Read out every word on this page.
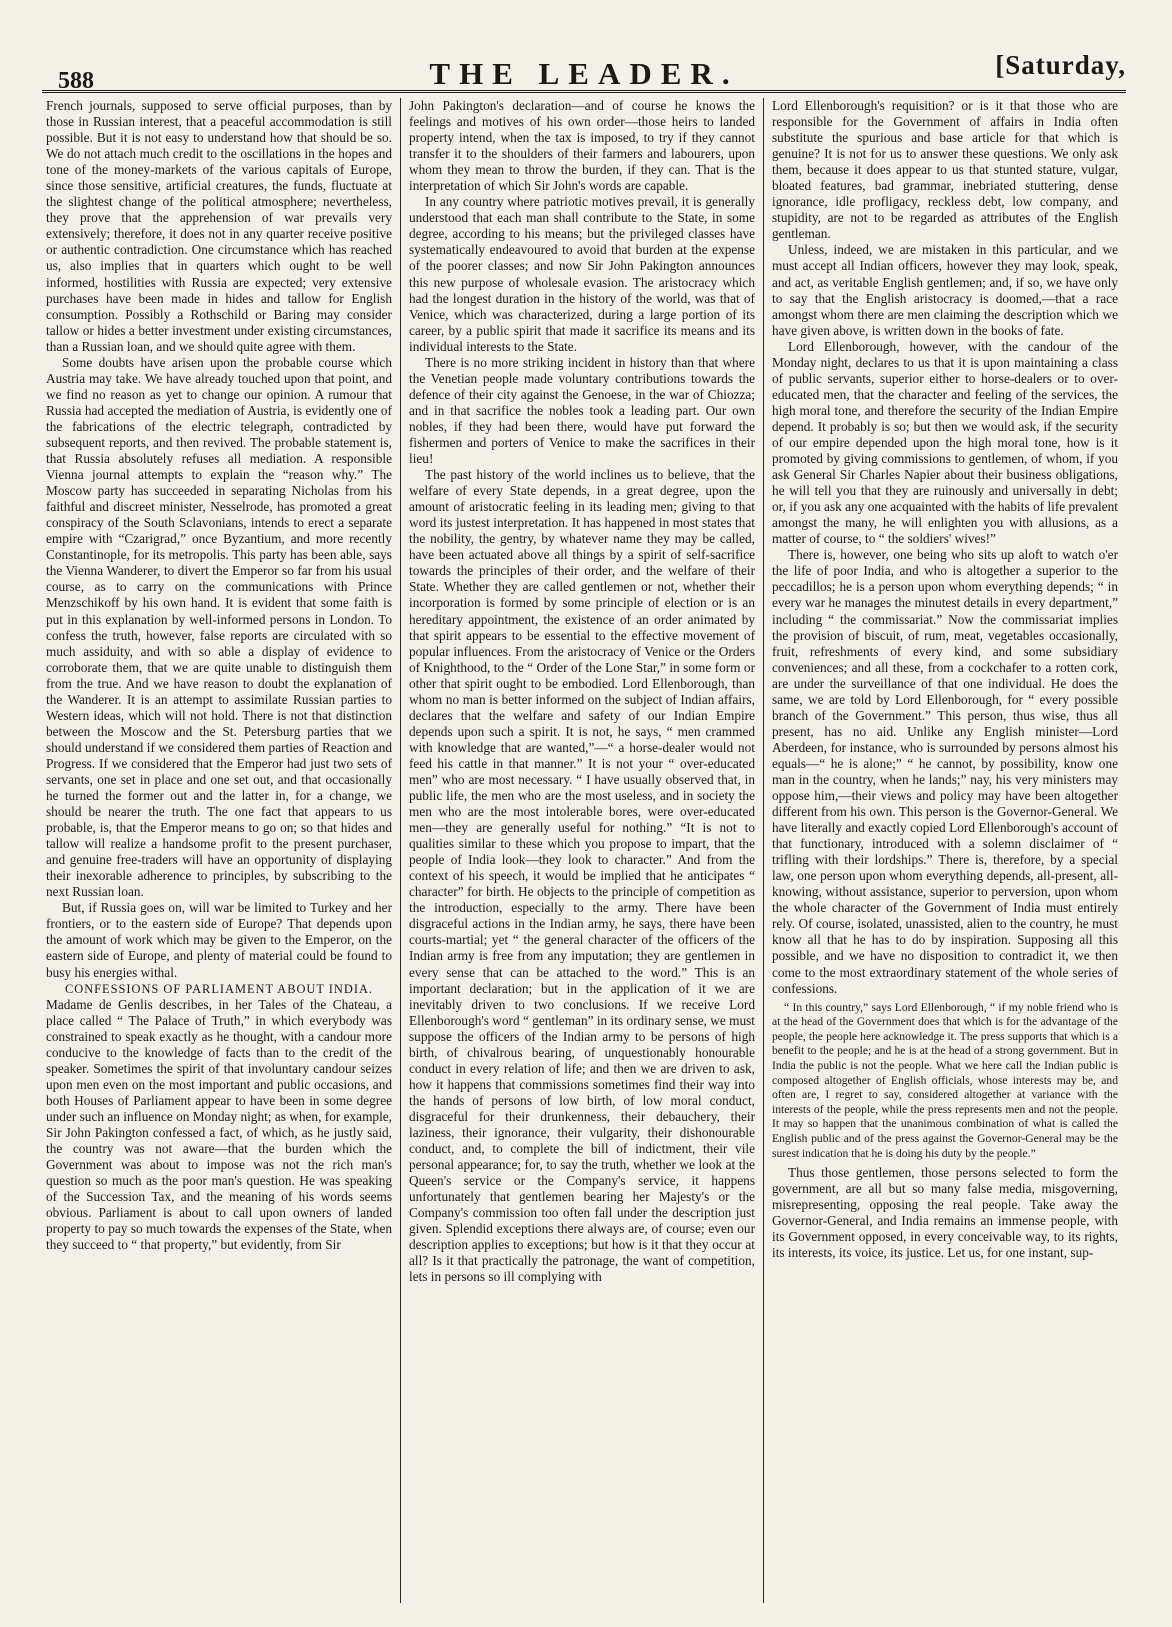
588	THE LEADER.	[Saturday,

French journals, supposed to serve official purposes, than by those in Russian interest, that a peaceful accommodation is still possible. But it is not easy to understand how that should be so. We do not attach much credit to the oscillations in the hopes and tone of the money-markets of the various capitals of Europe, since those sensitive, artificial creatures, the funds, fluctuate at the slightest change of the political atmosphere; nevertheless, they prove that the apprehension of war prevails very extensively; therefore, it does not in any quarter receive positive or authentic contradiction. One circumstance which has reached us, also implies that in quarters which ought to be well informed, hostilities with Russia are expected; very extensive purchases have been made in hides and tallow for English consumption. Possibly a Rothschild or Baring may consider tallow or hides a better investment under existing circumstances, than a Russian loan, and we should quite agree with them.

Some doubts have arisen upon the probable course which Austria may take. We have already touched upon that point, and we find no reason as yet to change our opinion. A rumour that Russia had accepted the mediation of Austria, is evidently one of the fabrications of the electric telegraph, contradicted by subsequent reports, and then revived. The probable statement is, that Russia absolutely refuses all mediation. A responsible Vienna journal attempts to explain the “reason why.” The Moscow party has succeeded in separating Nicholas from his faithful and discreet minister, Nesselrode, has promoted a great conspiracy of the South Sclavonians, intends to erect a separate empire with “Czarigrad,” once Byzantium, and more recently Constantinople, for its metropolis. This party has been able, says the Vienna Wanderer, to divert the Emperor so far from his usual course, as to carry on the communications with Prince Menzschikoff by his own hand. It is evident that some faith is put in this explanation by well-informed persons in London. To confess the truth, however, false reports are circulated with so much assiduity, and with so able a display of evidence to corroborate them, that we are quite unable to distinguish them from the true. And we have reason to doubt the explanation of the Wanderer. It is an attempt to assimilate Russian parties to Western ideas, which will not hold. There is not that distinction between the Moscow and the St. Petersburg parties that we should understand if we considered them parties of Reaction and Progress. If we considered that the Emperor had just two sets of servants, one set in place and one set out, and that occasionally he turned the former out and the latter in, for a change, we should be nearer the truth. The one fact that appears to us probable, is, that the Emperor means to go on; so that hides and tallow will realize a handsome profit to the present purchaser, and genuine free-traders will have an opportunity of displaying their inexorable adherence to principles, by subscribing to the next Russian loan.

But, if Russia goes on, will war be limited to Turkey and her frontiers, or to the eastern side of Europe? That depends upon the amount of work which may be given to the Emperor, on the eastern side of Europe, and plenty of material could be found to busy his energies withal.

CONFESSIONS OF PARLIAMENT ABOUT INDIA.

Madame de Genlis describes, in her Tales of the Chateau, a place called “ The Palace of Truth,” in which everybody was constrained to speak exactly as he thought, with a candour more conducive to the knowledge of facts than to the credit of the speaker. Sometimes the spirit of that involuntary candour seizes upon men even on the most important and public occasions, and both Houses of Parliament appear to have been in some degree under such an influence on Monday night; as when, for example, Sir John Pakington confessed a fact, of which, as he justly said, the country was not aware—that the burden which the Government was about to impose was not the rich man's question so much as the poor man's question. He was speaking of the Succession Tax, and the meaning of his words seems obvious. Parliament is about to call upon owners of landed property to pay so much towards the expenses of the State, when they succeed to “ that property,” but evidently, from Sir

John Pakington's declaration—and of course he knows the feelings and motives of his own order—those heirs to landed property intend, when the tax is imposed, to try if they cannot transfer it to the shoulders of their farmers and labourers, upon whom they mean to throw the burden, if they can. That is the interpretation of which Sir John's words are capable.

In any country where patriotic motives prevail, it is generally understood that each man shall contribute to the State, in some degree, according to his means; but the privileged classes have systematically endeavoured to avoid that burden at the expense of the poorer classes; and now Sir John Pakington announces this new purpose of wholesale evasion. The aristocracy which had the longest duration in the history of the world, was that of Venice, which was characterized, during a large portion of its career, by a public spirit that made it sacrifice its means and its individual interests to the State.

There is no more striking incident in history than that where the Venetian people made voluntary contributions towards the defence of their city against the Genoese, in the war of Chiozza; and in that sacrifice the nobles took a leading part. Our own nobles, if they had been there, would have put forward the fishermen and porters of Venice to make the sacrifices in their lieu!

The past history of the world inclines us to believe, that the welfare of every State depends, in a great degree, upon the amount of aristocratic feeling in its leading men; giving to that word its justest interpretation. It has happened in most states that the nobility, the gentry, by whatever name they may be called, have been actuated above all things by a spirit of self-sacrifice towards the principles of their order, and the welfare of their State. Whether they are called gentlemen or not, whether their incorporation is formed by some principle of election or is an hereditary appointment, the existence of an order animated by that spirit appears to be essential to the effective movement of popular influences. From the aristocracy of Venice or the Orders of Knighthood, to the “ Order of the Lone Star,” in some form or other that spirit ought to be embodied. Lord Ellenborough, than whom no man is better informed on the subject of Indian affairs, declares that the welfare and safety of our Indian Empire depends upon such a spirit. It is not, he says, “ men crammed with knowledge that are wanted,”—“ a horse-dealer would not feed his cattle in that manner.” It is not your “ over-educated men” who are most necessary. “ I have usually observed that, in public life, the men who are the most useless, and in society the men who are the most intolerable bores, were over-educated men—they are generally useful for nothing.” “It is not to qualities similar to these which you propose to impart, that the people of India look—they look to character.” And from the context of his speech, it would be implied that he anticipates “ character” for birth. He objects to the principle of competition as the introduction, especially to the army. There have been disgraceful actions in the Indian army, he says, there have been courts-martial; yet “ the general character of the officers of the Indian army is free from any imputation; they are gentlemen in every sense that can be attached to the word.” This is an important declaration; but in the application of it we are inevitably driven to two conclusions. If we receive Lord Ellenborough's word “ gentleman” in its ordinary sense, we must suppose the officers of the Indian army to be persons of high birth, of chivalrous bearing, of unquestionably honourable conduct in every relation of life; and then we are driven to ask, how it happens that commissions sometimes find their way into the hands of persons of low birth, of low moral conduct, disgraceful for their drunkenness, their debauchery, their laziness, their ignorance, their vulgarity, their dishonourable conduct, and, to complete the bill of indictment, their vile personal appearance; for, to say the truth, whether we look at the Queen's service or the Company's service, it happens unfortunately that gentlemen bearing her Majesty's or the Company's commission too often fall under the description just given. Splendid exceptions there always are, of course; even our description applies to exceptions; but how is it that they occur at all? Is it that practically the patronage, the want of competition, lets in persons so ill complying with

Lord Ellenborough's requisition? or is it that those who are responsible for the Government of affairs in India often substitute the spurious and base article for that which is genuine? It is not for us to answer these questions. We only ask them, because it does appear to us that stunted stature, vulgar, bloated features, bad grammar, inebriated stuttering, dense ignorance, idle profligacy, reckless debt, low company, and stupidity, are not to be regarded as attributes of the English gentleman.

Unless, indeed, we are mistaken in this particular, and we must accept all Indian officers, however they may look, speak, and act, as veritable English gentlemen; and, if so, we have only to say that the English aristocracy is doomed,—that a race amongst whom there are men claiming the description which we have given above, is written down in the books of fate.

Lord Ellenborough, however, with the candour of the Monday night, declares to us that it is upon maintaining a class of public servants, superior either to horse-dealers or to over-educated men, that the character and feeling of the services, the high moral tone, and therefore the security of the Indian Empire depend. It probably is so; but then we would ask, if the security of our empire depended upon the high moral tone, how is it promoted by giving commissions to gentlemen, of whom, if you ask General Sir Charles Napier about their business obligations, he will tell you that they are ruinously and universally in debt; or, if you ask any one acquainted with the habits of life prevalent amongst the many, he will enlighten you with allusions, as a matter of course, to “ the soldiers' wives!”

There is, however, one being who sits up aloft to watch o'er the life of poor India, and who is altogether a superior to the peccadillos; he is a person upon whom everything depends; “ in every war he manages the minutest details in every department,” including “ the commissariat.” Now the commissariat implies the provision of biscuit, of rum, meat, vegetables occasionally, fruit, refreshments of every kind, and some subsidiary conveniences; and all these, from a cockchafer to a rotten cork, are under the surveillance of that one individual. He does the same, we are told by Lord Ellenborough, for “ every possible branch of the Government.” This person, thus wise, thus all present, has no aid. Unlike any English minister—Lord Aberdeen, for instance, who is surrounded by persons almost his equals—“ he is alone;” “ he cannot, by possibility, know one man in the country, when he lands;” nay, his very ministers may oppose him,—their views and policy may have been altogether different from his own. This person is the Governor-General. We have literally and exactly copied Lord Ellenborough's account of that functionary, introduced with a solemn disclaimer of “ trifling with their lordships.” There is, therefore, by a special law, one person upon whom everything depends, all-present, all-knowing, without assistance, superior to perversion, upon whom the whole character of the Government of India must entirely rely. Of course, isolated, unassisted, alien to the country, he must know all that he has to do by inspiration. Supposing all this possible, and we have no disposition to contradict it, we then come to the most extraordinary statement of the whole series of confessions.

“ In this country,” says Lord Ellenborough, “ if my noble friend who is at the head of the Government does that which is for the advantage of the people, the people here acknowledge it. The press supports that which is a benefit to the people; and he is at the head of a strong government. But in India the public is not the people. What we here call the Indian public is composed altogether of English officials, whose interests may be, and often are, I regret to say, considered altogether at variance with the interests of the people, while the press represents men and not the people. It may so happen that the unanimous combination of what is called the English public and of the press against the Governor-General may be the surest indication that he is doing his duty by the people.”

Thus those gentlemen, those persons selected to form the government, are all but so many false media, misgoverning, misrepresenting, opposing the real people. Take away the Governor-General, and India remains an immense people, with its Government opposed, in every conceivable way, to its rights, its interests, its voice, its justice. Let us, for one instant, sup-
